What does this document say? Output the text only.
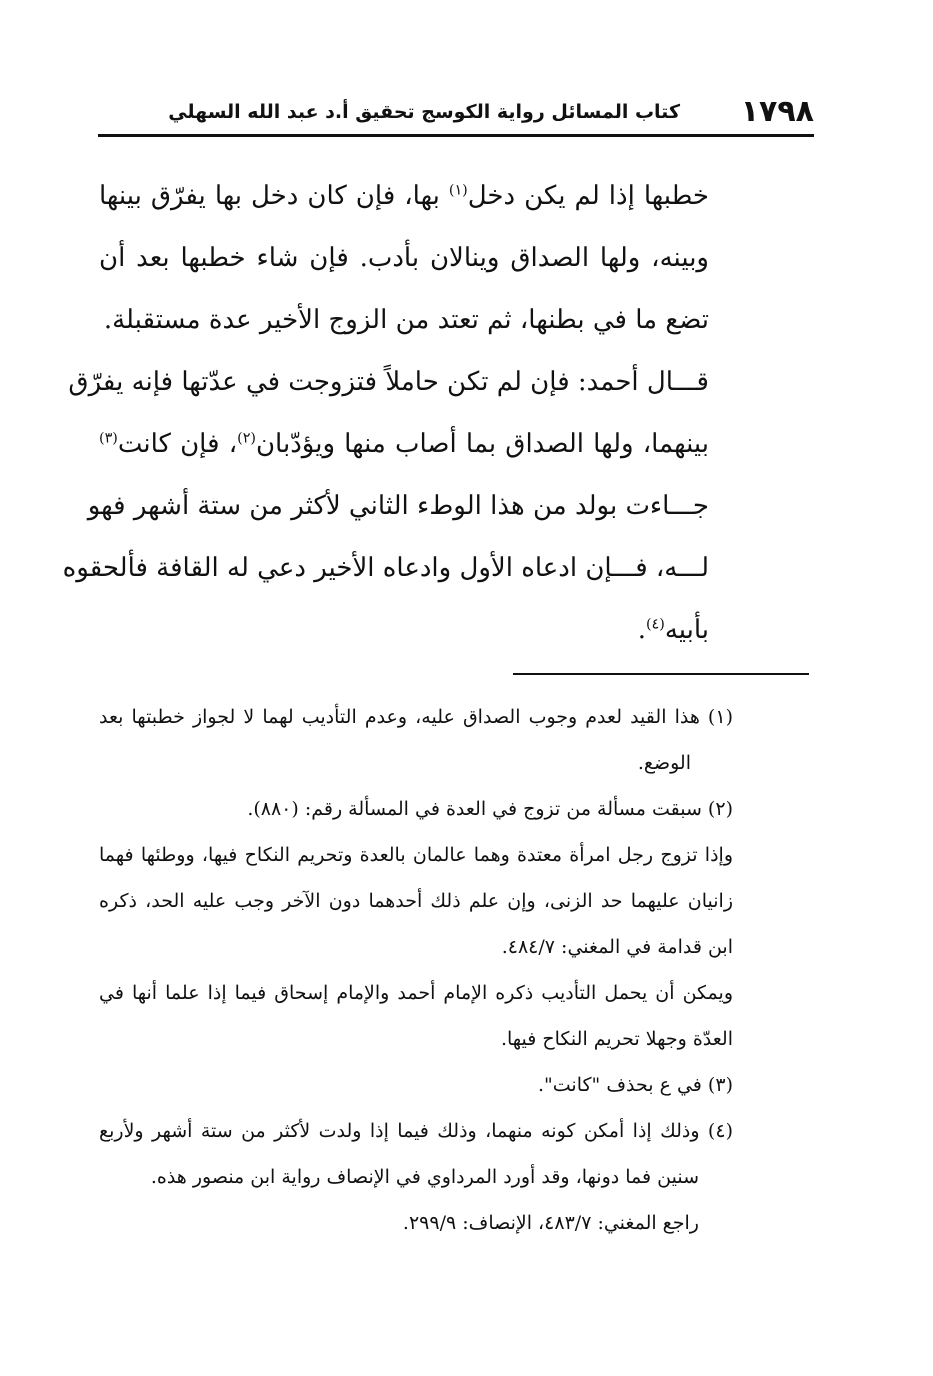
١٧٩٨
كتاب المسائل رواية الكوسج تحقيق أ.د عبد الله السهلي
خطبها إذا لم يكن دخل$^{(١)}$ بها، فإن كان دخل بها يفرّق بينها
وبينه، ولها الصداق وينالان بأدب. فإن شاء خطبها بعد أن
تضع ما في بطنها، ثم تعتد من الزوج الأخير عدة مستقبلة.
قـــال أحمد: فإن لم تكن حاملاً فتزوجت في عدّتها فإنه يفرّق
بينهما، ولها الصداق بما أصاب منها ويؤدّبان$^{(٢)}$، فإن كانت$^{(٣)}$
جـــاءت بولد من هذا الوطء الثاني لأكثر من ستة أشهر فهو
لـــه، فـــإن ادعاه الأول وادعاه الأخير دعي له القافة فألحقوه
بأبيه$^{(٤)}$.
(١) هذا القيد لعدم وجوب الصداق عليه، وعدم التأديب لهما لا لجواز خطبتها بعد
الوضع.
(٢) سبقت مسألة من تزوج في العدة في المسألة رقم: (٨٨٠).
وإذا تزوج رجل امرأة معتدة وهما عالمان بالعدة وتحريم النكاح فيها، ووطئها فهما
زانيان عليهما حد الزنى، وإن علم ذلك أحدهما دون الآخر وجب عليه الحد، ذكره
ابن قدامة في المغني: ٤٨٤/٧.
ويمكن أن يحمل التأديب ذكره الإمام أحمد والإمام إسحاق فيما إذا علما أنها في
العدّة وجهلا تحريم النكاح فيها.
(٣) في ع بحذف "كانت".
(٤) وذلك إذا أمكن كونه منهما، وذلك فيما إذا ولدت لأكثر من ستة أشهر ولأربع
سنين فما دونها، وقد أورد المرداوي في الإنصاف رواية ابن منصور هذه.
راجع المغني: ٤٨٣/٧، الإنصاف: ٢٩٩/٩.
